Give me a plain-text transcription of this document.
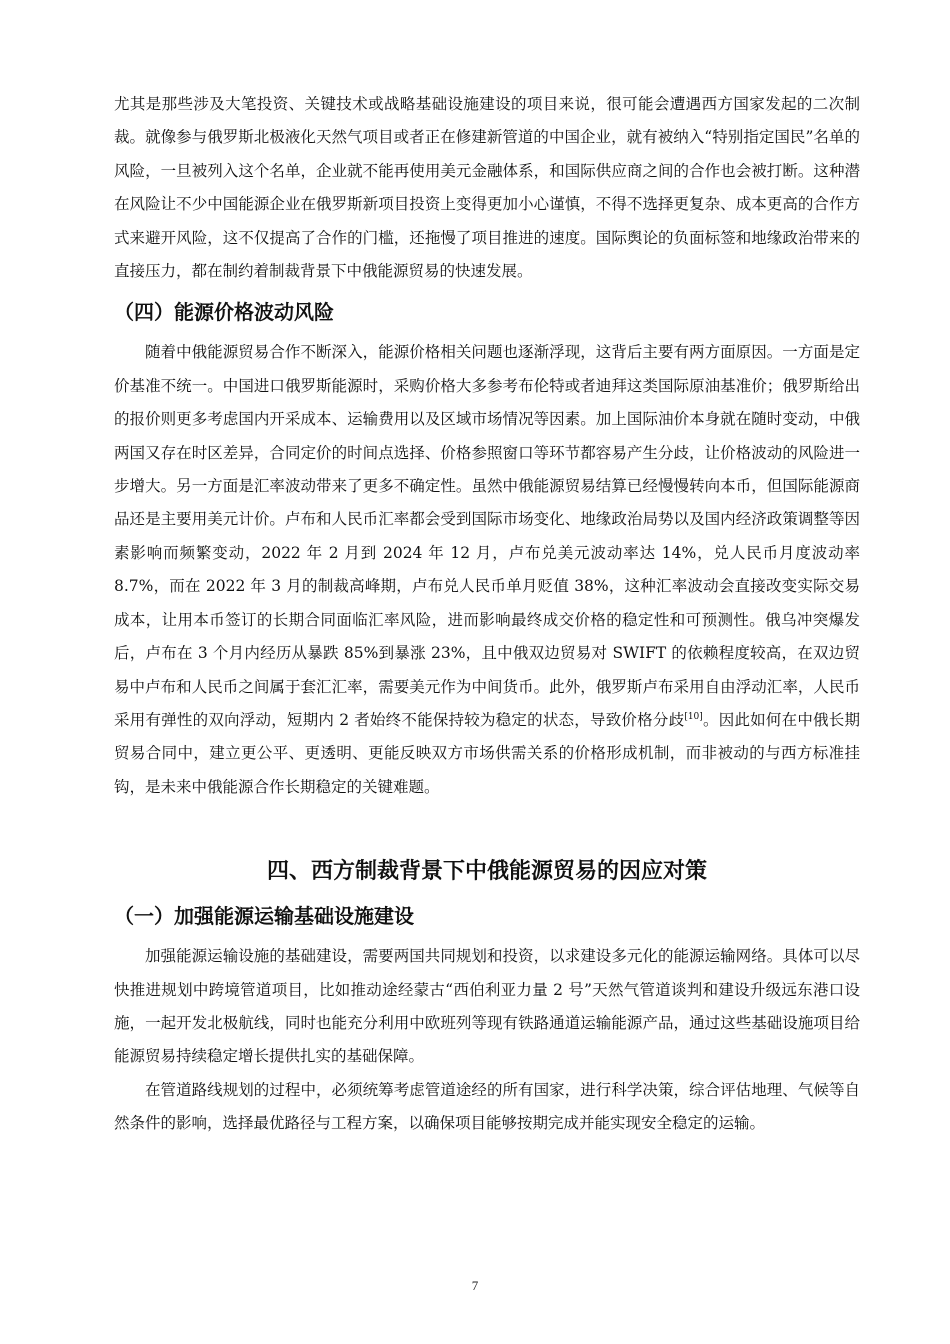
尤其是那些涉及大笔投资、关键技术或战略基础设施建设的项目来说，很可能会遭遇西方国家发起的二次制裁。就像参与俄罗斯北极液化天然气项目或者正在修建新管道的中国企业，就有被纳入“特别指定国民”名单的风险，一旦被列入这个名单，企业就不能再使用美元金融体系，和国际供应商之间的合作也会被打断。这种潜在风险让不少中国能源企业在俄罗斯新项目投资上变得更加小心谨慎，不得不选择更复杂、成本更高的合作方式来避开风险，这不仅提高了合作的门槛，还拖慢了项目推进的速度。国际舆论的负面标签和地缘政治带来的直接压力，都在制约着制裁背景下中俄能源贸易的快速发展。

（四）能源价格波动风险

随着中俄能源贸易合作不断深入，能源价格相关问题也逐渐浮现，这背后主要有两方面原因。一方面是定价基准不统一。中国进口俄罗斯能源时，采购价格大多参考布伦特或者迪拜这类国际原油基准价；俄罗斯给出的报价则更多考虑国内开采成本、运输费用以及区域市场情况等因素。加上国际油价本身就在随时变动，中俄两国又存在时区差异，合同定价的时间点选择、价格参照窗口等环节都容易产生分歧，让价格波动的风险进一步增大。另一方面是汇率波动带来了更多不确定性。虽然中俄能源贸易结算已经慢慢转向本币，但国际能源商品还是主要用美元计价。卢布和人民币汇率都会受到国际市场变化、地缘政治局势以及国内经济政策调整等因素影响而频繁变动，2022 年 2 月到 2024 年 12 月，卢布兑美元波动率达 14%，兑人民币月度波动率 8.7%，而在 2022 年 3 月的制裁高峰期，卢布兑人民币单月贬值 38%，这种汇率波动会直接改变实际交易成本，让用本币签订的长期合同面临汇率风险，进而影响最终成交价格的稳定性和可预测性。俄乌冲突爆发后，卢布在 3 个月内经历从暴跌 85%到暴涨 23%，且中俄双边贸易对 SWIFT 的依赖程度较高，在双边贸易中卢布和人民币之间属于套汇汇率，需要美元作为中间货币。此外，俄罗斯卢布采用自由浮动汇率，人民币采用有弹性的双向浮动，短期内 2 者始终不能保持较为稳定的状态，导致价格分歧[10]。因此如何在中俄长期贸易合同中，建立更公平、更透明、更能反映双方市场供需关系的价格形成机制，而非被动的与西方标准挂钩，是未来中俄能源合作长期稳定的关键难题。

四、西方制裁背景下中俄能源贸易的因应对策
（一）加强能源运输基础设施建设

加强能源运输设施的基础建设，需要两国共同规划和投资，以求建设多元化的能源运输网络。具体可以尽快推进规划中跨境管道项目，比如推动途经蒙古“西伯利亚力量 2 号”天然气管道谈判和建设升级远东港口设施，一起开发北极航线，同时也能充分利用中欧班列等现有铁路通道运输能源产品，通过这些基础设施项目给能源贸易持续稳定增长提供扎实的基础保障。

在管道路线规划的过程中，必须统筹考虑管道途经的所有国家，进行科学决策，综合评估地理、气候等自然条件的影响，选择最优路径与工程方案，以确保项目能够按期完成并能实现安全稳定的运输。

7
